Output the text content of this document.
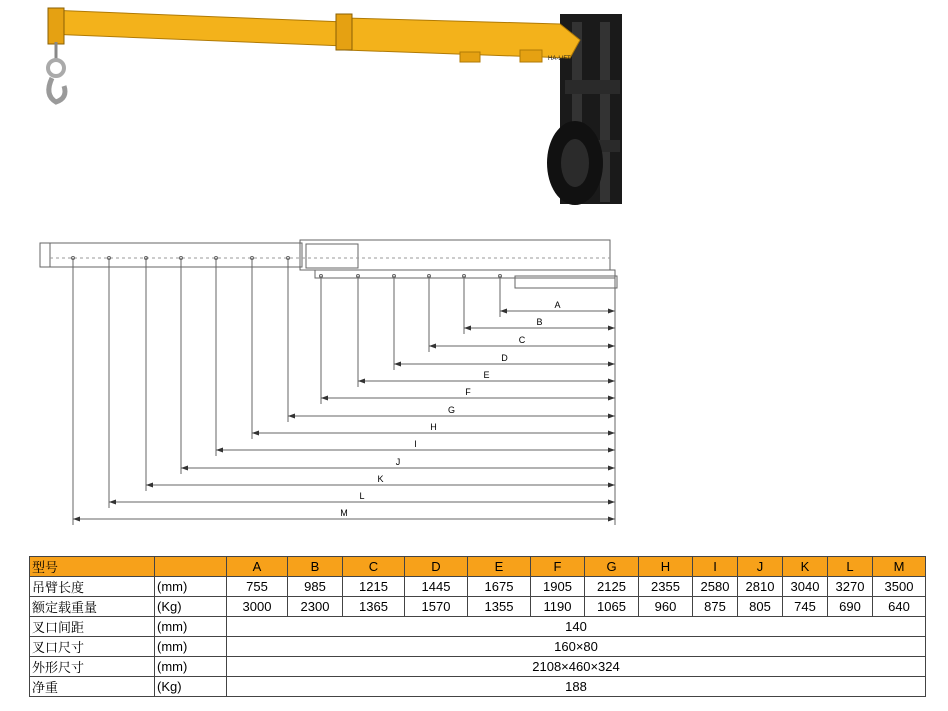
HA-LIFT
A
B
C
D
E
F
G
H
I
J
K
L
M
型号		A	B	C	D	E	F	G	H	I	J	K	L	M
吊臂长度	(mm)	755	985	1215	1445	1675	1905	2125	2355	2580	2810	3040	3270	3500
额定载重量	(Kg)	3000	2300	1365	1570	1355	1190	1065	960	875	805	745	690	640
叉口间距	(mm)	140												
叉口尺寸	(mm)	160×80												
外形尺寸	(mm)	2108×460×324												
净重	(Kg)	188												
